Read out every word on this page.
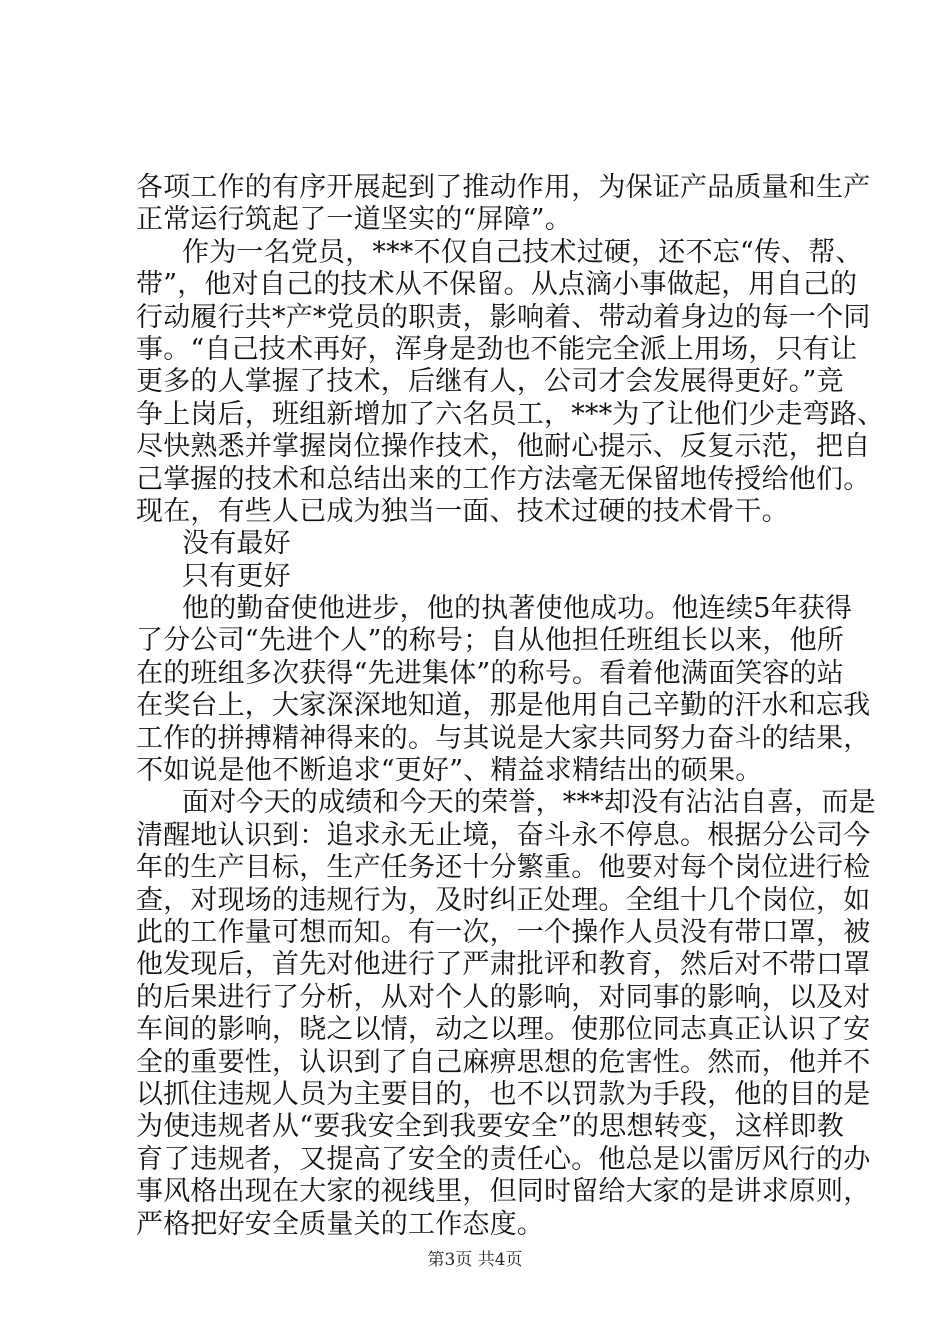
各项工作的有序开展起到了推动作用，为保证产品质量和生产
正常运行筑起了一道坚实的“屏障”。
作为一名党员，***不仅自己技术过硬，还不忘“传、帮、
带”，他对自己的技术从不保留。从点滴小事做起，用自己的
行动履行共*产*党员的职责，影响着、带动着身边的每一个同
事。“自己技术再好，浑身是劲也不能完全派上用场，只有让
更多的人掌握了技术，后继有人，公司才会发展得更好。”竞
争上岗后，班组新增加了六名员工，***为了让他们少走弯路、
尽快熟悉并掌握岗位操作技术，他耐心提示、反复示范，把自
己掌握的技术和总结出来的工作方法毫无保留地传授给他们。
现在，有些人已成为独当一面、技术过硬的技术骨干。
没有最好
只有更好
他的勤奋使他进步，他的执著使他成功。他连续5年获得
了分公司“先进个人”的称号；自从他担任班组长以来，他所
在的班组多次获得“先进集体”的称号。看着他满面笑容的站
在奖台上，大家深深地知道，那是他用自己辛勤的汗水和忘我
工作的拼搏精神得来的。与其说是大家共同努力奋斗的结果，
不如说是他不断追求“更好”、精益求精结出的硕果。
面对今天的成绩和今天的荣誉，***却没有沾沾自喜，而是
清醒地认识到：追求永无止境，奋斗永不停息。根据分公司今
年的生产目标，生产任务还十分繁重。他要对每个岗位进行检
查，对现场的违规行为，及时纠正处理。全组十几个岗位，如
此的工作量可想而知。有一次，一个操作人员没有带口罩，被
他发现后，首先对他进行了严肃批评和教育，然后对不带口罩
的后果进行了分析，从对个人的影响，对同事的影响，以及对
车间的影响，晓之以情，动之以理。使那位同志真正认识了安
全的重要性，认识到了自己麻痹思想的危害性。然而，他并不
以抓住违规人员为主要目的，也不以罚款为手段，他的目的是
为使违规者从“要我安全到我要安全”的思想转变，这样即教
育了违规者，又提高了安全的责任心。他总是以雷厉风行的办
事风格出现在大家的视线里，但同时留给大家的是讲求原则，
严格把好安全质量关的工作态度。
第3页 共4页
